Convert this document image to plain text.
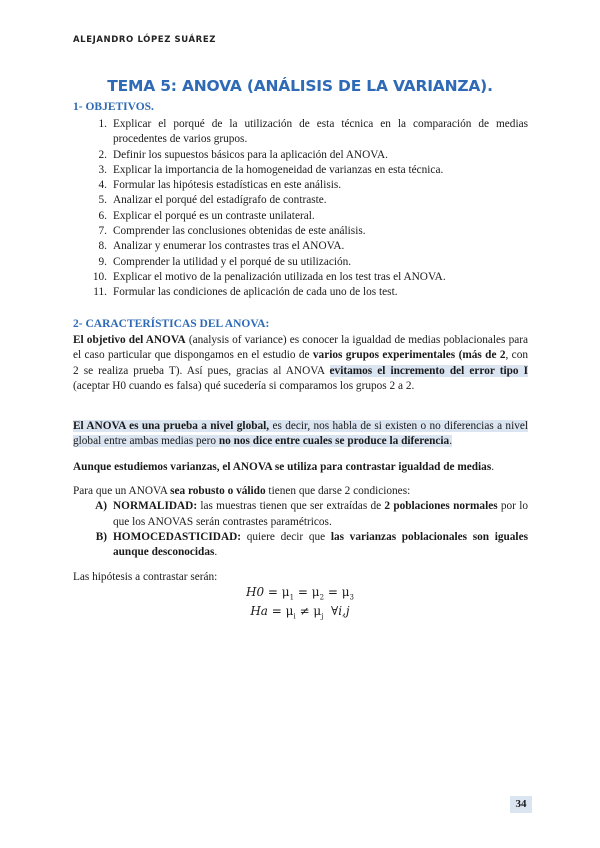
ALEJANDRO LÓPEZ SUÁREZ
TEMA 5: ANOVA (ANÁLISIS DE LA VARIANZA).
1- OBJETIVOS.
1. Explicar el porqué de la utilización de esta técnica en la comparación de medias procedentes de varios grupos.
2. Definir los supuestos básicos para la aplicación del ANOVA.
3. Explicar la importancia de la homogeneidad de varianzas en esta técnica.
4. Formular las hipótesis estadísticas en este análisis.
5. Analizar el porqué del estadígrafo de contraste.
6. Explicar el porqué es un contraste unilateral.
7. Comprender las conclusiones obtenidas de este análisis.
8. Analizar y enumerar los contrastes tras el ANOVA.
9. Comprender la utilidad y el porqué de su utilización.
10. Explicar el motivo de la penalización utilizada en los test tras el ANOVA.
11. Formular las condiciones de aplicación de cada uno de los test.
2- CARACTERÍSTICAS DEL ANOVA:
El objetivo del ANOVA (analysis of variance) es conocer la igualdad de medias poblacionales para el caso particular que dispongamos en el estudio de varios grupos experimentales (más de 2, con 2 se realiza prueba T). Así pues, gracias al ANOVA evitamos el incremento del error tipo I (aceptar H0 cuando es falsa) qué sucedería si comparamos los grupos 2 a 2.
El ANOVA es una prueba a nivel global, es decir, nos habla de si existen o no diferencias a nivel global entre ambas medias pero no nos dice entre cuales se produce la diferencia.
Aunque estudiemos varianzas, el ANOVA se utiliza para contrastar igualdad de medias.
Para que un ANOVA sea robusto o válido tienen que darse 2 condiciones:
A) NORMALIDAD: las muestras tienen que ser extraídas de 2 poblaciones normales por lo que los ANOVAS serán contrastes paramétricos.
B) HOMOCEDASTICIDAD: quiere decir que las varianzas poblacionales son iguales aunque desconocidas.
Las hipótesis a contrastar serán:
$H0 = \mu_1 = \mu_2 = \mu_3$
$Ha = \mu_i \ne \mu_j$ ∀i,j
34
